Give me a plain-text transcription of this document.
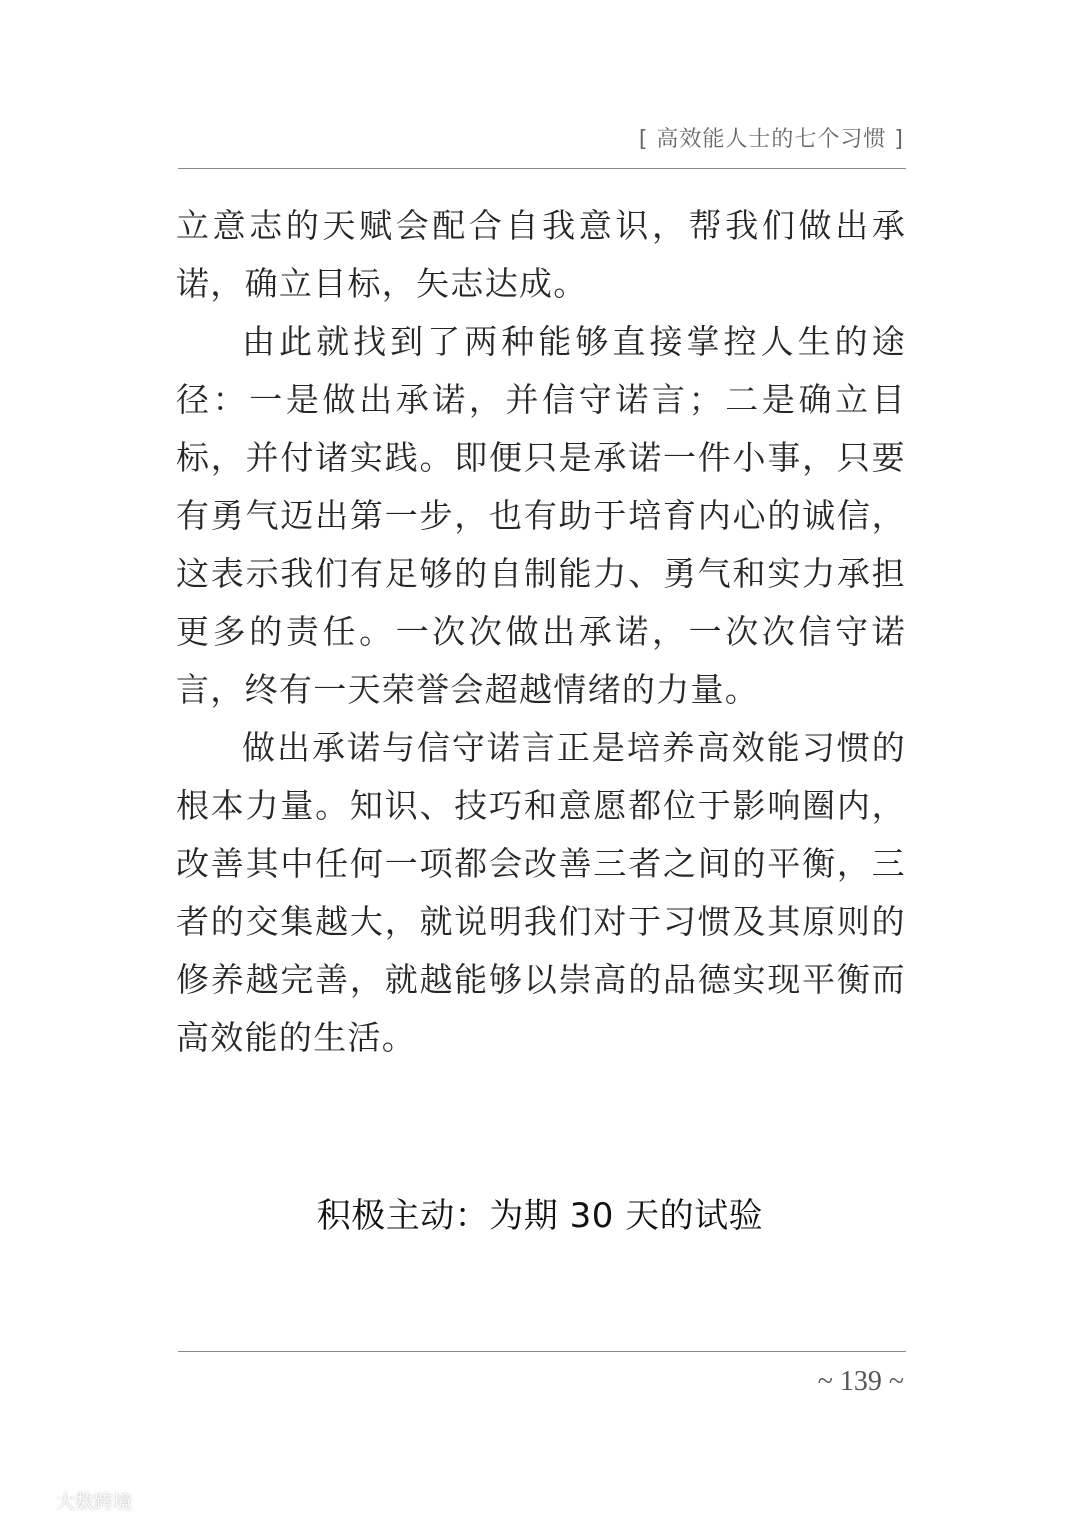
[ 高效能人士的七个习惯 ]

立意志的天赋会配合自我意识，帮我们做出承诺，确立目标，矢志达成。

由此就找到了两种能够直接掌控人生的途径：一是做出承诺，并信守诺言；二是确立目标，并付诸实践。即便只是承诺一件小事，只要有勇气迈出第一步，也有助于培育内心的诚信，这表示我们有足够的自制能力、勇气和实力承担更多的责任。一次次做出承诺，一次次信守诺言，终有一天荣誉会超越情绪的力量。

做出承诺与信守诺言正是培养高效能习惯的根本力量。知识、技巧和意愿都位于影响圈内，改善其中任何一项都会改善三者之间的平衡，三者的交集越大，就说明我们对于习惯及其原则的修养越完善，就越能够以崇高的品德实现平衡而高效能的生活。

积极主动：为期 30 天的试验
~ 139 ~
大数跨境
